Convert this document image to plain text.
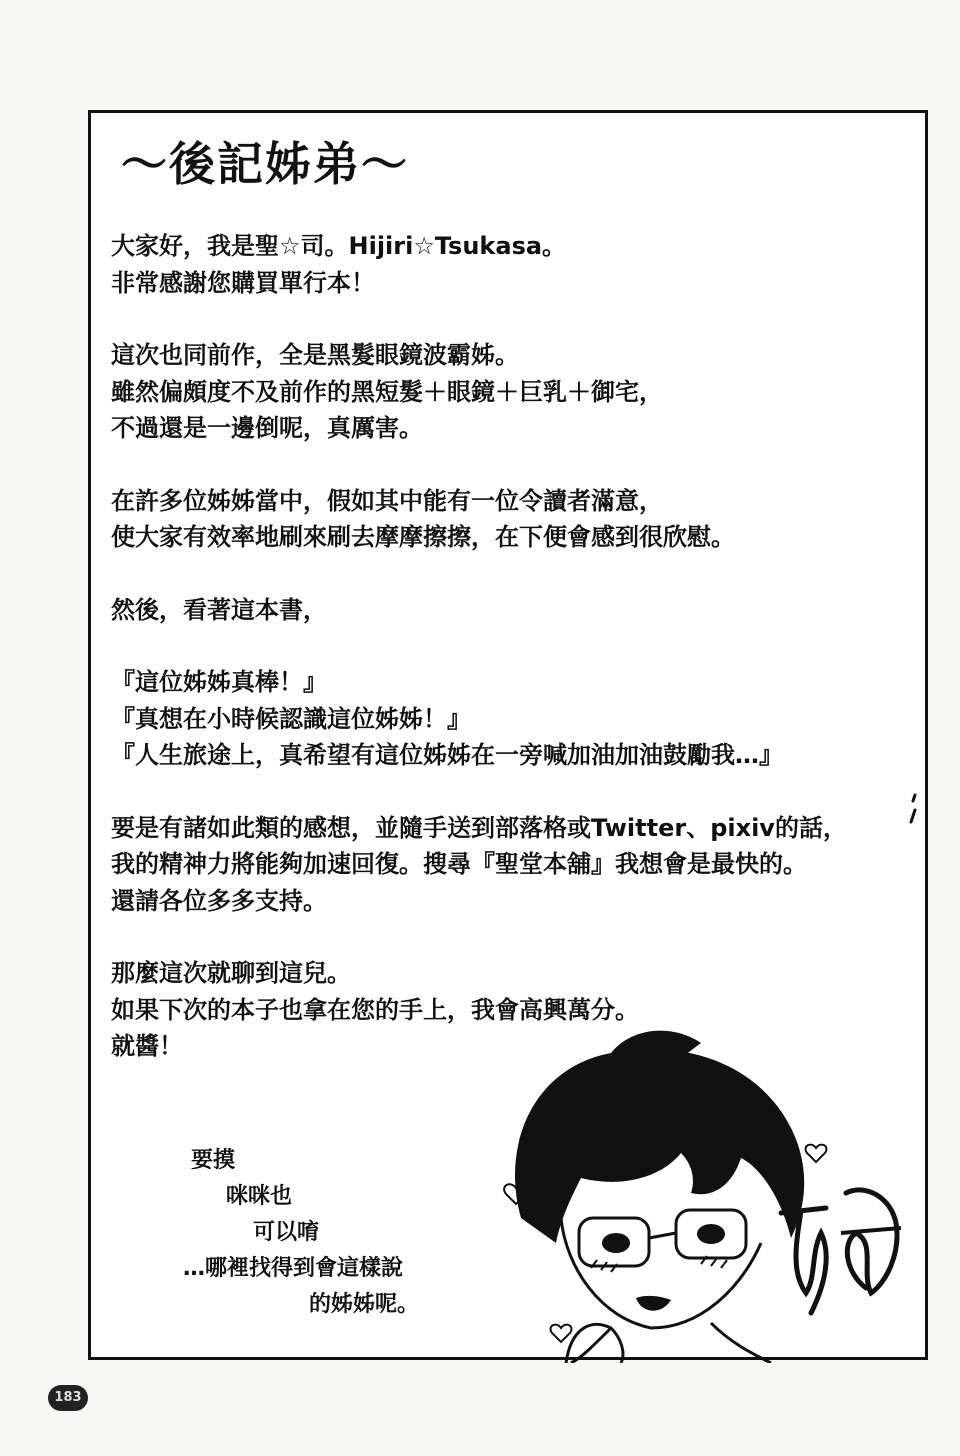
～後記姊弟～

大家好，我是聖☆司。Hijiri☆Tsukasa。

非常感謝您購買單行本！

這次也同前作，全是黑髮眼鏡波霸姊。

雖然偏頗度不及前作的黑短髮＋眼鏡＋巨乳＋御宅，

不過還是一邊倒呢，真厲害。

在許多位姊姊當中，假如其中能有一位令讀者滿意，

使大家有效率地刷來刷去摩摩擦擦，在下便會感到很欣慰。

然後，看著這本書，

『這位姊姊真棒！』

『真想在小時候認識這位姊姊！』

『人生旅途上，真希望有這位姊姊在一旁喊加油加油鼓勵我…』

要是有諸如此類的感想，並隨手送到部落格或Twitter、pixiv的話，

我的精神力將能夠加速回復。搜尋『聖堂本舖』我想會是最快的。

還請各位多多支持。

那麼這次就聊到這兒。

如果下次的本子也拿在您的手上，我會高興萬分。

就醬！

要摸

咪咪也

可以唷

…哪裡找得到會這樣說

的姊姊呢。

183
